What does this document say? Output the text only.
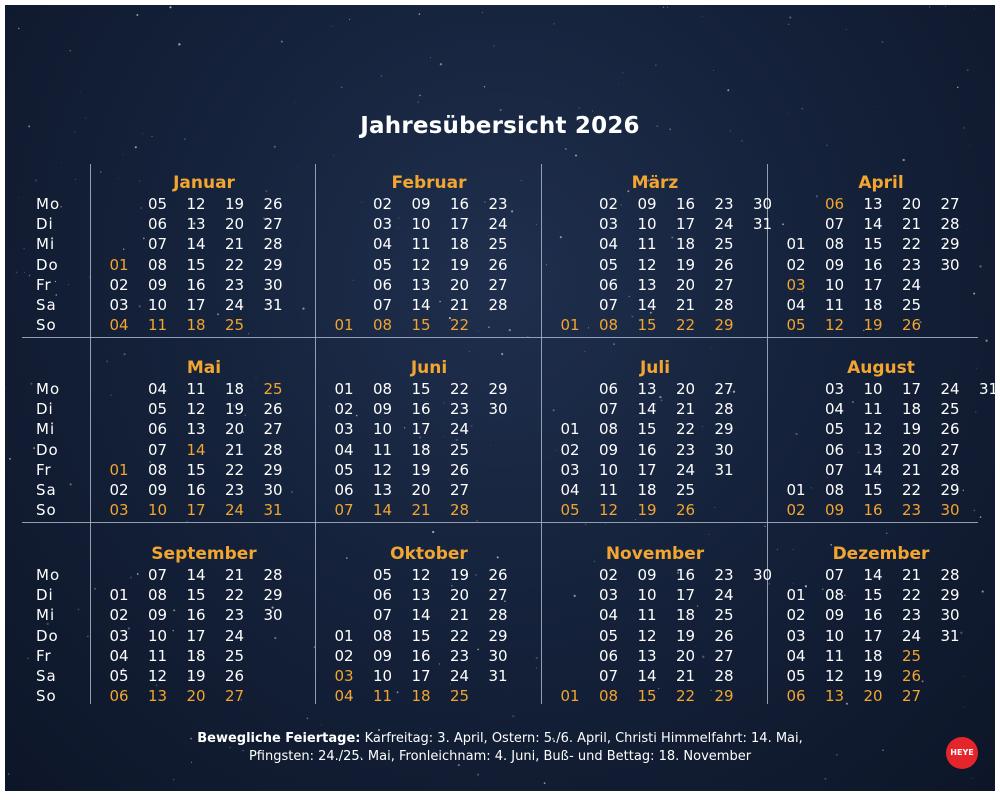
Jahresübersicht 2026
Januar
Mo
Di
Mi
Do
Fr
Sa
So
01
02
03
04
05
06
07
08
09
10
11
12
13
14
15
16
17
18
19
20
21
22
23
24
25
26
27
28
29
30
31
Februar
01
02
03
04
05
06
07
08
09
10
11
12
13
14
15
16
17
18
19
20
21
22
23
24
25
26
27
28
März
01
02
03
04
05
06
07
08
09
10
11
12
13
14
15
16
17
18
19
20
21
22
23
24
25
26
27
28
29
30
31
April
01
02
03
04
05
06
07
08
09
10
11
12
13
14
15
16
17
18
19
20
21
22
23
24
25
26
27
28
29
30
Mai
Mo
Di
Mi
Do
Fr
Sa
So
01
02
03
04
05
06
07
08
09
10
11
12
13
14
15
16
17
18
19
20
21
22
23
24
25
26
27
28
29
30
31
Juni
01
02
03
04
05
06
07
08
09
10
11
12
13
14
15
16
17
18
19
20
21
22
23
24
25
26
27
28
29
30
Juli
01
02
03
04
05
06
07
08
09
10
11
12
13
14
15
16
17
18
19
20
21
22
23
24
25
26
27
28
29
30
31
August
01
02
03
04
05
06
07
08
09
10
11
12
13
14
15
16
17
18
19
20
21
22
23
24
25
26
27
28
29
30
31
September
Mo
Di
Mi
Do
Fr
Sa
So
01
02
03
04
05
06
07
08
09
10
11
12
13
14
15
16
17
18
19
20
21
22
23
24
25
26
27
28
29
30
Oktober
01
02
03
04
05
06
07
08
09
10
11
12
13
14
15
16
17
18
19
20
21
22
23
24
25
26
27
28
29
30
31
November
01
02
03
04
05
06
07
08
09
10
11
12
13
14
15
16
17
18
19
20
21
22
23
24
25
26
27
28
29
30
Dezember
01
02
03
04
05
06
07
08
09
10
11
12
13
14
15
16
17
18
19
20
21
22
23
24
25
26
27
28
29
30
31
Bewegliche Feiertage: Karfreitag: 3. April, Ostern: 5./6. April, Christi Himmelfahrt: 14. Mai,
Pfingsten: 24./25. Mai, Fronleichnam: 4. Juni, Buß- und Bettag: 18. November	HEYE
